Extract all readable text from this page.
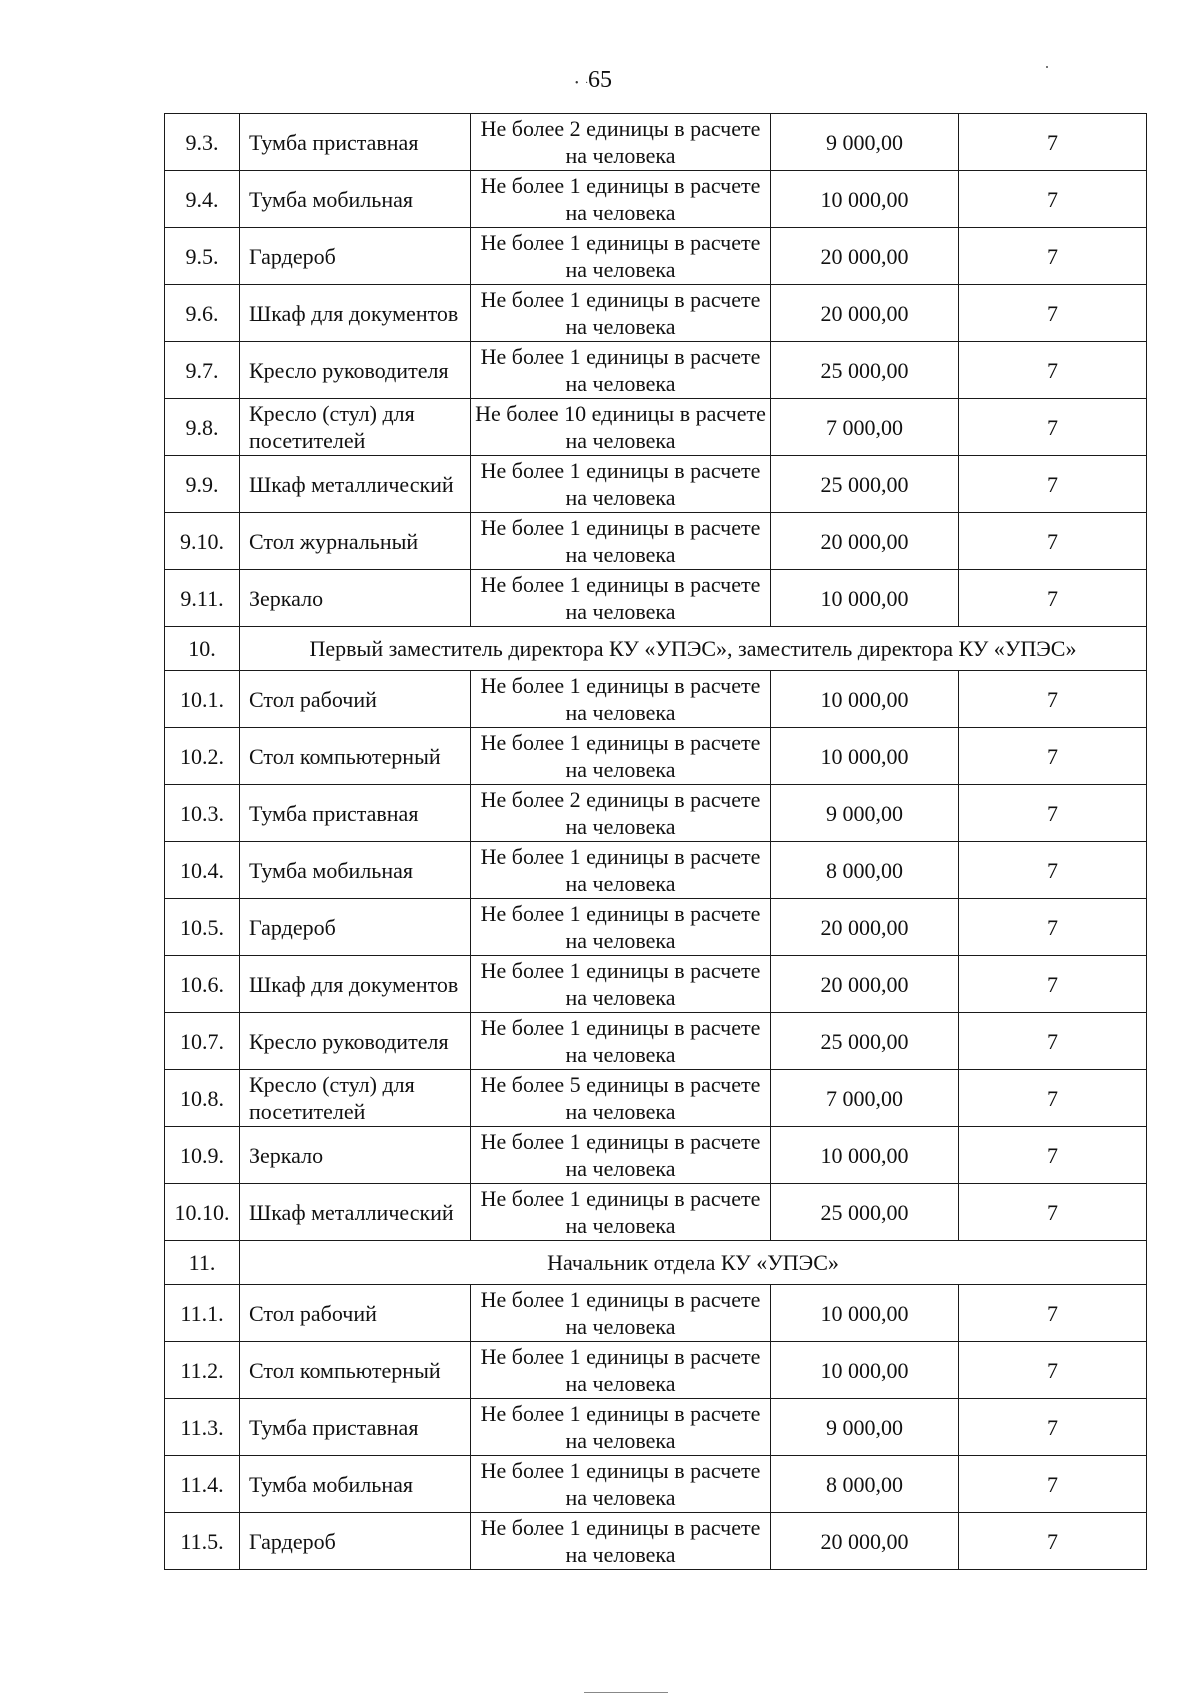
• ·
65
9.3.	Тумба приставная	Не более 2 единицы в расчете на человека	9 000,00	7
9.4.	Тумба мобильная	Не более 1 единицы в расчете на человека	10 000,00	7
9.5.	Гардероб	Не более 1 единицы в расчете на человека	20 000,00	7
9.6.	Шкаф для документов	Не более 1 единицы в расчете на человека	20 000,00	7
9.7.	Кресло руководителя	Не более 1 единицы в расчете на человека	25 000,00	7
9.8.	Кресло (стул) для посетителей	Не более 10 единицы в расчете на человека	7 000,00	7
9.9.	Шкаф металлический	Не более 1 единицы в расчете на человека	25 000,00	7
9.10.	Стол журнальный	Не более 1 единицы в расчете на человека	20 000,00	7
9.11.	Зеркало	Не более 1 единицы в расчете на человека	10 000,00	7
10.	Первый заместитель директора КУ «УПЭС», заместитель директора КУ «УПЭС»			
10.1.	Стол рабочий	Не более 1 единицы в расчете на человека	10 000,00	7
10.2.	Стол компьютерный	Не более 1 единицы в расчете на человека	10 000,00	7
10.3.	Тумба приставная	Не более 2 единицы в расчете на человека	9 000,00	7
10.4.	Тумба мобильная	Не более 1 единицы в расчете на человека	8 000,00	7
10.5.	Гардероб	Не более 1 единицы в расчете на человека	20 000,00	7
10.6.	Шкаф для документов	Не более 1 единицы в расчете на человека	20 000,00	7
10.7.	Кресло руководителя	Не более 1 единицы в расчете на человека	25 000,00	7
10.8.	Кресло (стул) для посетителей	Не более 5 единицы в расчете на человека	7 000,00	7
10.9.	Зеркало	Не более 1 единицы в расчете на человека	10 000,00	7
10.10.	Шкаф металлический	Не более 1 единицы в расчете на человека	25 000,00	7
11.	Начальник отдела КУ «УПЭС»			
11.1.	Стол рабочий	Не более 1 единицы в расчете на человека	10 000,00	7
11.2.	Стол компьютерный	Не более 1 единицы в расчете на человека	10 000,00	7
11.3.	Тумба приставная	Не более 1 единицы в расчете на человека	9 000,00	7
11.4.	Тумба мобильная	Не более 1 единицы в расчете на человека	8 000,00	7
11.5.	Гардероб	Не более 1 единицы в расчете на человека	20 000,00	7
